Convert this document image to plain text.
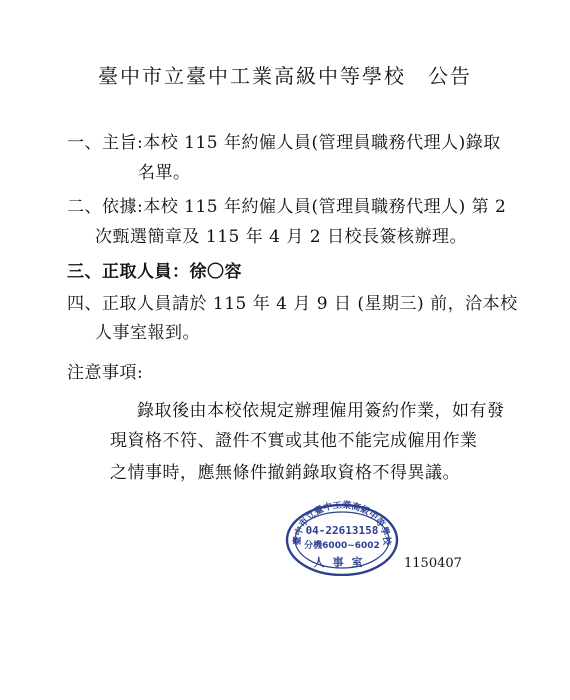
臺中市立臺中工業高級中等學校　公告
一、主旨:本校 115 年約僱人員(管理員職務代理人)錄取
名單。
二、依據:本校 115 年約僱人員(管理員職務代理人) 第 2
次甄選簡章及 115 年 4 月 2 日校長簽核辦理。
三、正取人員：徐〇容
四、正取人員請於 115 年 4 月 9 日 (星期三) 前，洽本校
人事室報到。
注意事項:
錄取後由本校依規定辦理僱用簽約作業，如有發
現資格不符、證件不實或其他不能完成僱用作業
之情事時，應無條件撤銷錄取資格不得異議。
臺中市立臺中工業高級中等學校
04-22613158
分機6000~6002
人事室	1150407
